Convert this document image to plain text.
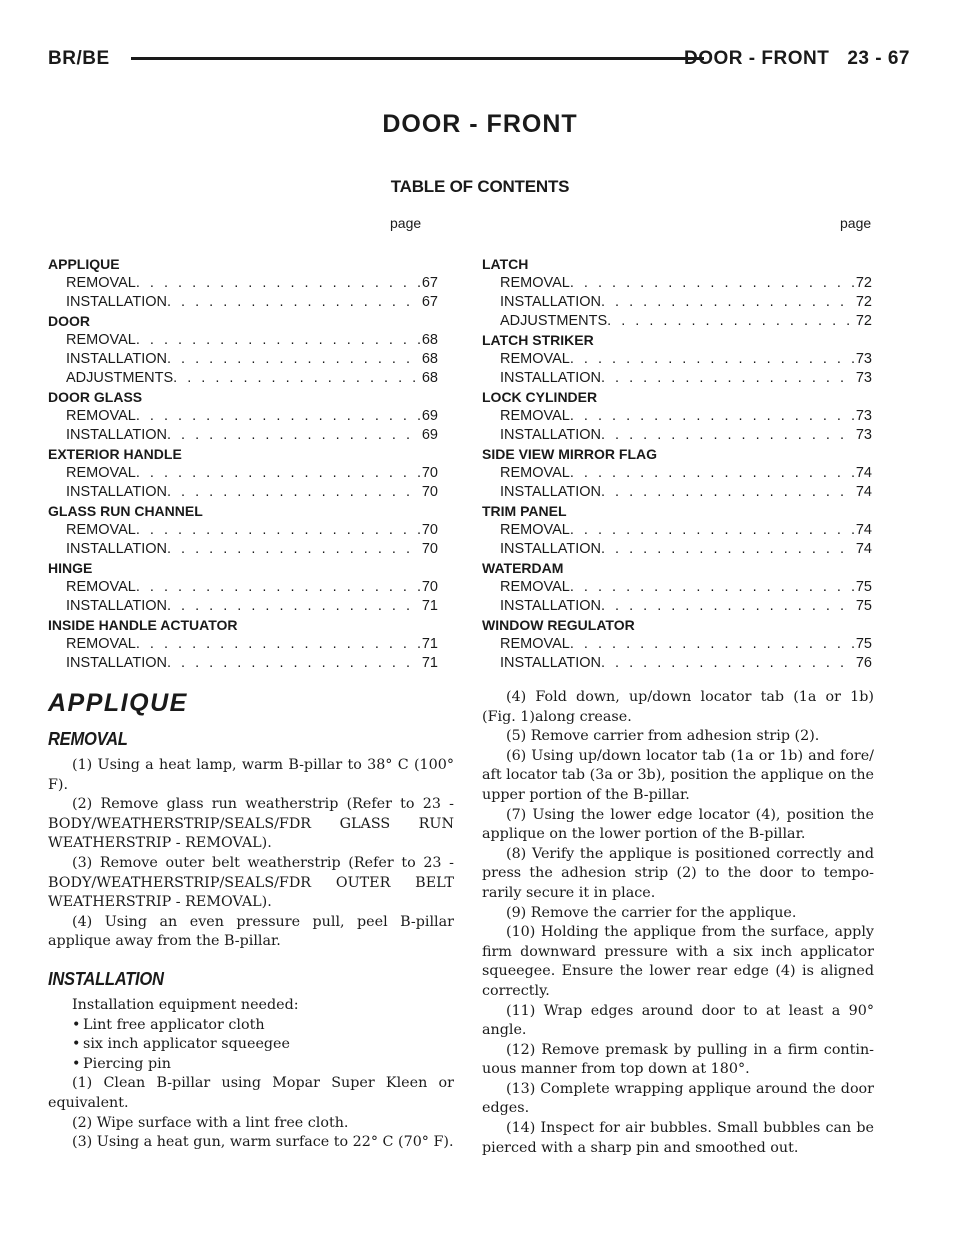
BR/BE	DOOR - FRONT 23 - 67
DOOR - FRONT
TABLE OF CONTENTS
page	page
APPLIQUE
REMOVAL . . .	67
INSTALLATION . . .	67
DOOR
REMOVAL . . .	68
INSTALLATION . . .	68
ADJUSTMENTS . . .	68
DOOR GLASS
REMOVAL . . .	69
INSTALLATION . . .	69
EXTERIOR HANDLE
REMOVAL . . .	70
INSTALLATION . . .	70
GLASS RUN CHANNEL
REMOVAL . . .	70
INSTALLATION . . .	70
HINGE
REMOVAL . . .	70
INSTALLATION . . .	71
INSIDE HANDLE ACTUATOR
REMOVAL . . .	71
INSTALLATION . . .	71
LATCH
REMOVAL . . .	72
INSTALLATION . . .	72
ADJUSTMENTS . . .	72
LATCH STRIKER
REMOVAL . . .	73
INSTALLATION . . .	73
LOCK CYLINDER
REMOVAL . . .	73
INSTALLATION . . .	73
SIDE VIEW MIRROR FLAG
REMOVAL . . .	74
INSTALLATION . . .	74
TRIM PANEL
REMOVAL . . .	74
INSTALLATION . . .	74
WATERDAM
REMOVAL . . .	75
INSTALLATION . . .	75
WINDOW REGULATOR
REMOVAL . . .	75
INSTALLATION . . .	76
APPLIQUE
REMOVAL

(1) Using a heat lamp, warm B-pillar to 38° C (100° F).

(2) Remove glass run weatherstrip (Refer to 23 - BODY/WEATHERSTRIP/SEALS/FDR GLASS RUN WEATHERSTRIP - REMOVAL).

(3) Remove outer belt weatherstrip (Refer to 23 - BODY/WEATHERSTRIP/SEALS/FDR OUTER BELT WEATHERSTRIP - REMOVAL).

(4) Using an even pressure pull, peel B-pillar applique away from the B-pillar.

INSTALLATION

Installation equipment needed:

• Lint free applicator cloth
• six inch applicator squeegee
• Piercing pin

(1) Clean B-pillar using Mopar Super Kleen or equivalent.

(2) Wipe surface with a lint free cloth.

(3) Using a heat gun, warm surface to 22° C (70° F).

(4) Fold down, up/down locator tab (1a or 1b) (Fig. 1)along crease.

(5) Remove carrier from adhesion strip (2).

(6) Using up/down locator tab (1a or 1b) and fore/ aft locator tab (3a or 3b), position the applique on the upper portion of the B-pillar.

(7) Using the lower edge locator (4), position the applique on the lower portion of the B-pillar.

(8) Verify the applique is positioned correctly and press the adhesion strip (2) to the door to tempo- rarily secure it in place.

(9) Remove the carrier for the applique.

(10) Holding the applique from the surface, apply firm downward pressure with a six inch applicator squeegee. Ensure the lower rear edge (4) is aligned correctly.

(11) Wrap edges around door to at least a 90° angle.

(12) Remove premask by pulling in a firm contin- uous manner from top down at 180°.

(13) Complete wrapping applique around the door edges.

(14) Inspect for air bubbles. Small bubbles can be pierced with a sharp pin and smoothed out.
